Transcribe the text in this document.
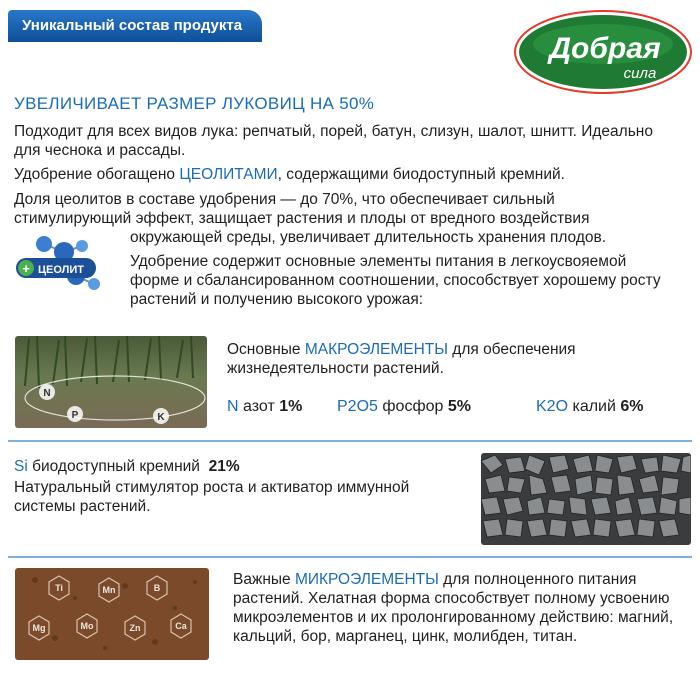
Уникальный состав продукта
Добрая
сила
УВЕЛИЧИВАЕТ РАЗМЕР ЛУКОВИЦ НА 50%
Подходит для всех видов лука: репчатый, порей, батун, слизун, шалот, шнитт. Идеально
для чеснока и рассады.
Удобрение обогащено ЦЕОЛИТАМИ, содержащими биодоступный кремний.
Доля цеолитов в составе удобрения — до 70%, что обеспечивает сильный
стимулирующий эффект, защищает растения и плоды от вредного воздействия
окружающей среды, увеличивает длительность хранения плодов.
+ ЦЕОЛИТ	Удобрение содержит основные элементы питания в легкоусвояемой
форме и сбалансированном соотношении, способствует хорошему росту
растений и получению высокого урожая:
N
P	K
Основные МАКРОЭЛЕМЕНТЫ для обеспечения
жизнедеятельности растений.
N азот 1% P2O5 фосфор 5%	K2O калий 6%
Si биодоступный кремний 21%
Натуральный стимулятор роста и активатор иммунной
системы растений.
Ti	Mn	B
Mg	Mo	Zn	Ca
Важные МИКРОЭЛЕМЕНТЫ для полноценного питания
растений. Хелатная форма способствует полному усвоению
микроэлементов и их пролонгированному действию: магний,
кальций, бор, марганец, цинк, молибден, титан.
